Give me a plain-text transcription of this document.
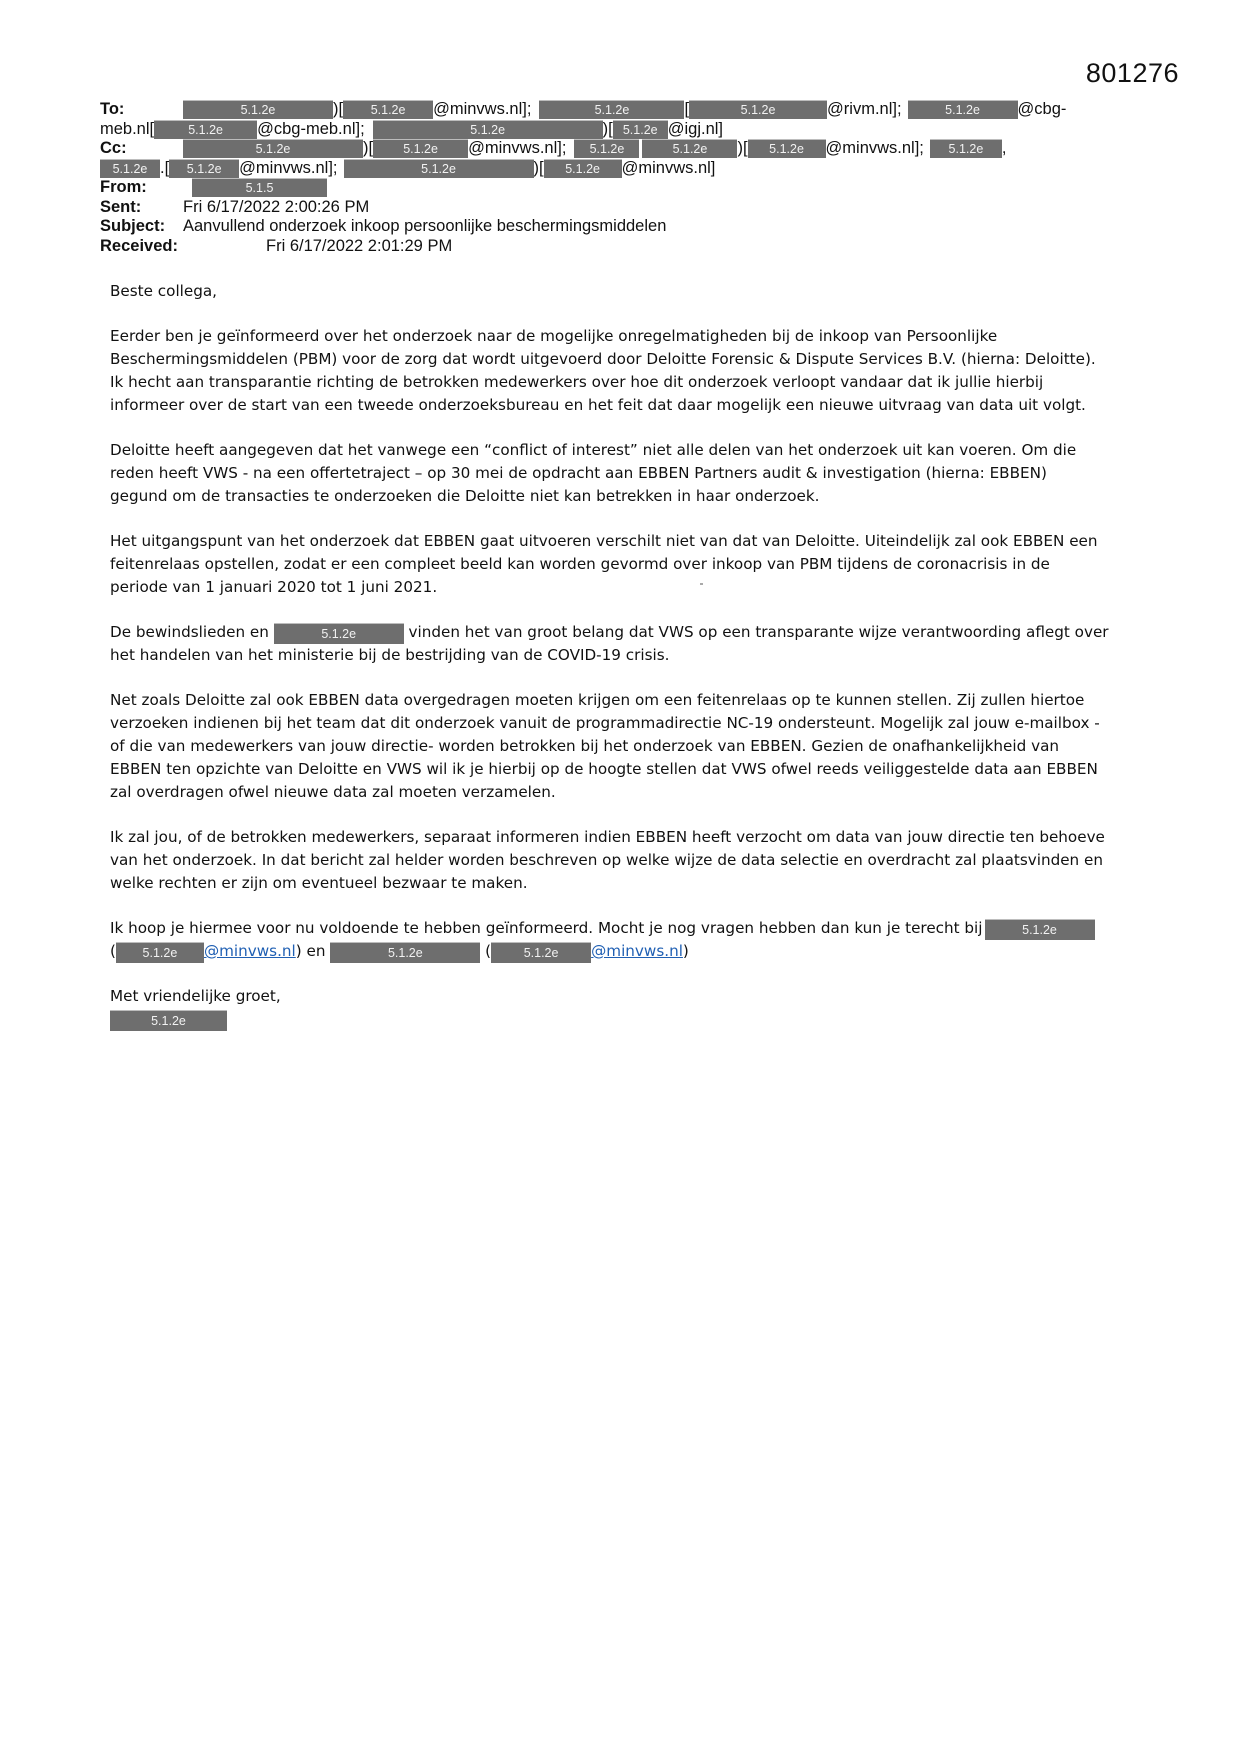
801276
To:	5.1.2e	)[ 5.1.2e @minvws.nl];	5.1.2e	[	5.1.2e	@rivm.nl];	5.1.2e @cbg-
meb.nl[	5.1.2e @cbg-meb.nl];	5.1.2e	)[ 5.1.2e @igj.nl]
Cc:	5.1.2e	)[ 5.1.2e @minvws.nl]; 5.1.2e	5.1.2e )[ 5.1.2e @minvws.nl]; 5.1.2e ,
5.1.2e .[ 5.1.2e @minvws.nl];	5.1.2e	)[ 5.1.2e @minvws.nl]
From:	5.1.5
Sent:	Fri 6/17/2022 2:00:26 PM
Subject: Aanvullend onderzoek inkoop persoonlijke beschermingsmiddelen
Received:	Fri 6/17/2022 2:01:29 PM

Beste collega,

Eerder ben je geïnformeerd over het onderzoek naar de mogelijke onregelmatigheden bij de inkoop van Persoonlijke
Beschermingsmiddelen (PBM) voor de zorg dat wordt uitgevoerd door Deloitte Forensic & Dispute Services B.V. (hierna: Deloitte).
Ik hecht aan transparantie richting de betrokken medewerkers over hoe dit onderzoek verloopt vandaar dat ik jullie hierbij
informeer over de start van een tweede onderzoeksbureau en het feit dat daar mogelijk een nieuwe uitvraag van data uit volgt.

Deloitte heeft aangegeven dat het vanwege een “conflict of interest” niet alle delen van het onderzoek uit kan voeren. Om die
reden heeft VWS - na een offertetraject – op 30 mei de opdracht aan EBBEN Partners audit & investigation (hierna: EBBEN)
gegund om de transacties te onderzoeken die Deloitte niet kan betrekken in haar onderzoek.

Het uitgangspunt van het onderzoek dat EBBEN gaat uitvoeren verschilt niet van dat van Deloitte. Uiteindelijk zal ook EBBEN een
feitenrelaas opstellen, zodat er een compleet beeld kan worden gevormd over inkoop van PBM tijdens de coronacrisis in de
periode van 1 januari 2020 tot 1 juni 2021.

De bewindslieden en	5.1.2e	vinden het van groot belang dat VWS op een transparante wijze verantwoording aflegt over
het handelen van het ministerie bij de bestrijding van de COVID-19 crisis.

Net zoals Deloitte zal ook EBBEN data overgedragen moeten krijgen om een feitenrelaas op te kunnen stellen. Zij zullen hiertoe
verzoeken indienen bij het team dat dit onderzoek vanuit de programmadirectie NC-19 ondersteunt. Mogelijk zal jouw e-mailbox -
of die van medewerkers van jouw directie- worden betrokken bij het onderzoek van EBBEN. Gezien de onafhankelijkheid van
EBBEN ten opzichte van Deloitte en VWS wil ik je hierbij op de hoogte stellen dat VWS ofwel reeds veiliggestelde data aan EBBEN
zal overdragen ofwel nieuwe data zal moeten verzamelen.

Ik zal jou, of de betrokken medewerkers, separaat informeren indien EBBEN heeft verzocht om data van jouw directie ten behoeve
van het onderzoek. In dat bericht zal helder worden beschreven op welke wijze de data selectie en overdracht zal plaatsvinden en
welke rechten er zijn om eventueel bezwaar te maken.

Ik hoop je hiermee voor nu voldoende te hebben geïnformeerd. Mocht je nog vragen hebben dan kun je terecht bij	5.1.2e
( 5.1.2e @minvws.nl) en	5.1.2e	(	5.1.2e @minvws.nl)

Met vriendelijke groet,
5.1.2e
